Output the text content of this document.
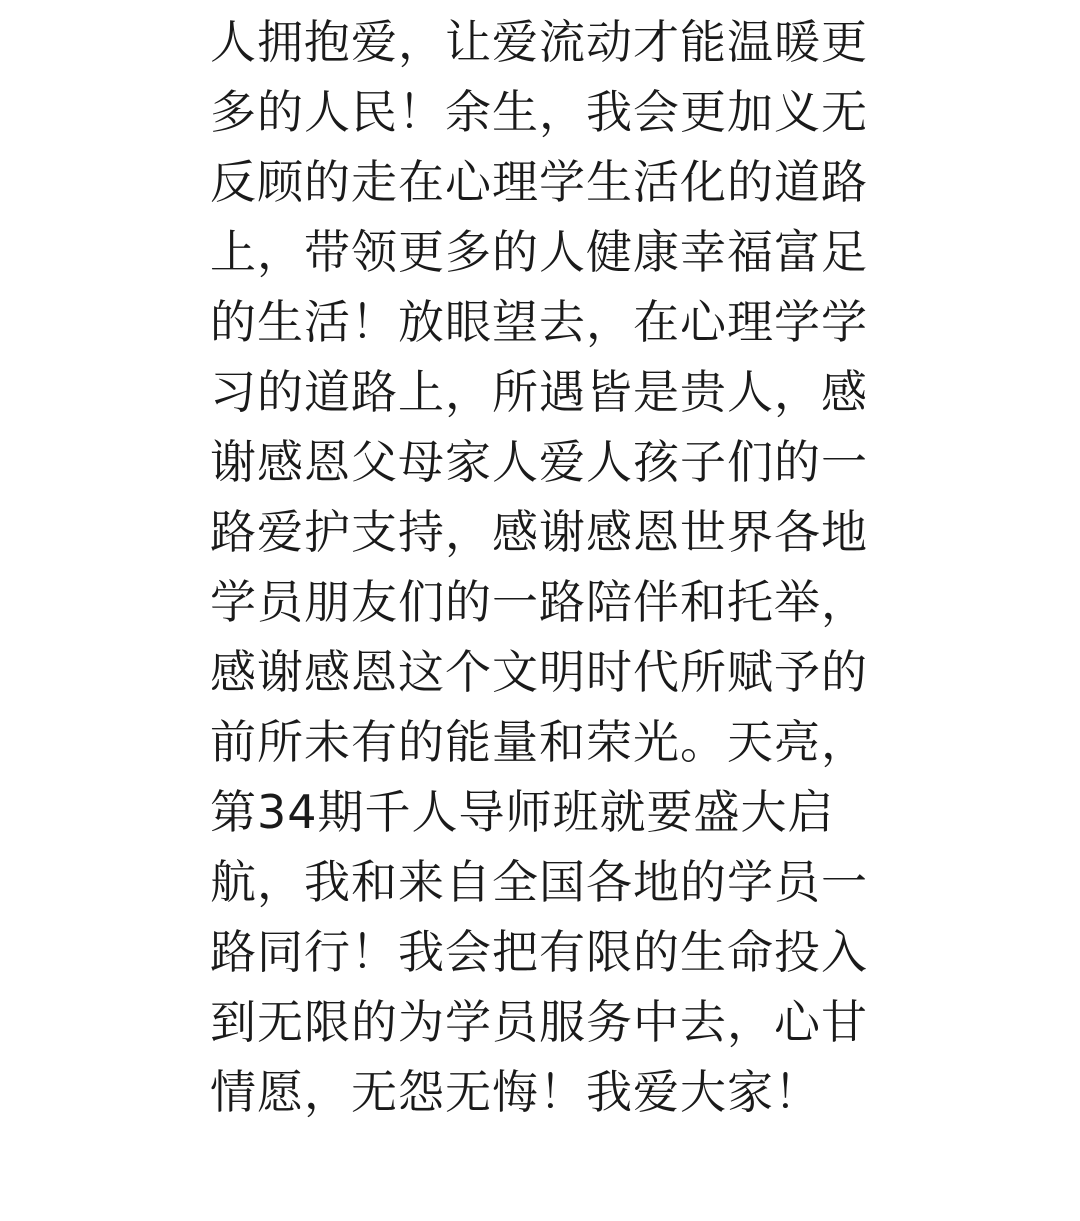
人拥抱爱，让爱流动才能温暖更
多的人民！余生，我会更加义无
反顾的走在心理学生活化的道路
上，带领更多的人健康幸福富足
的生活！放眼望去，在心理学学
习的道路上，所遇皆是贵人，感
谢感恩父母家人爱人孩子们的一
路爱护支持，感谢感恩世界各地
学员朋友们的一路陪伴和托举，
感谢感恩这个文明时代所赋予的
前所未有的能量和荣光。天亮，
第34期千人导师班就要盛大启
航，我和来自全国各地的学员一
路同行！我会把有限的生命投入
到无限的为学员服务中去，心甘
情愿，无怨无悔！我爱大家！
